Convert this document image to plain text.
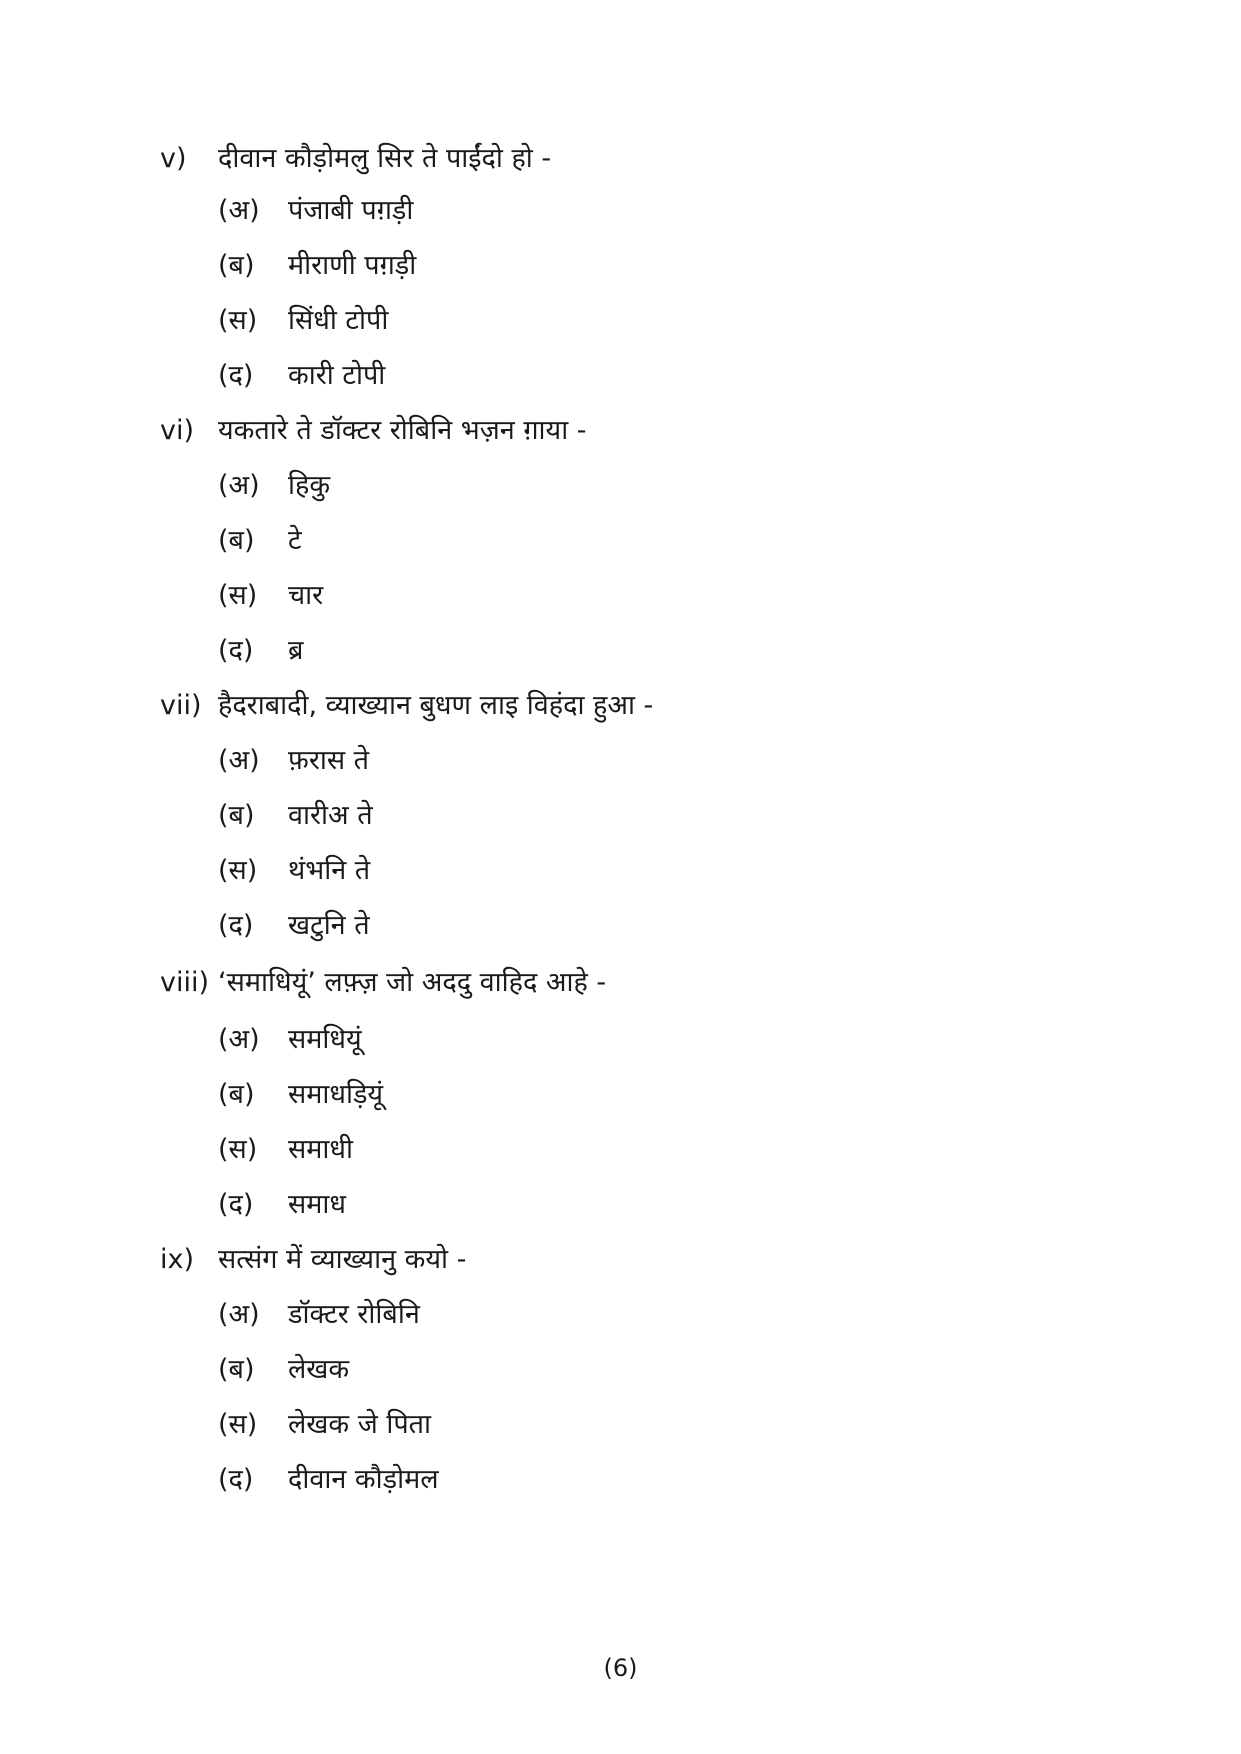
v) दीवान कौड़ोमलु सिर ते पाईंदो हो -
(अ) पंजाबी पग़ड़ी
(ब) मीराणी पग़ड़ी
(स) सिंधी टोपी
(द) कारी टोपी
vi) यकतारे ते डॉक्टर रोबिनि भज़न ग़ाया -
(अ) हिकु
(ब) टे
(स) चार
(द) ब्र
vii) हैदराबादी, व्याख्यान बुधण लाइ विहंदा हुआ -
(अ) फ़रास ते
(ब) वारीअ ते
(स) थंभनि ते
(द) खटुनि ते
viii) ‘समाधियूं’ लफ़्ज़ जो अददु वाहिद आहे -
(अ) समधियूं
(ब) समाधड़ियूं
(स) समाधी
(द) समाध
ix) सत्संग में व्याख्यानु कयो -
(अ) डॉक्टर रोबिनि
(ब) लेखक
(स) लेखक जे पिता
(द) दीवान कौड़ोमल
(6)
